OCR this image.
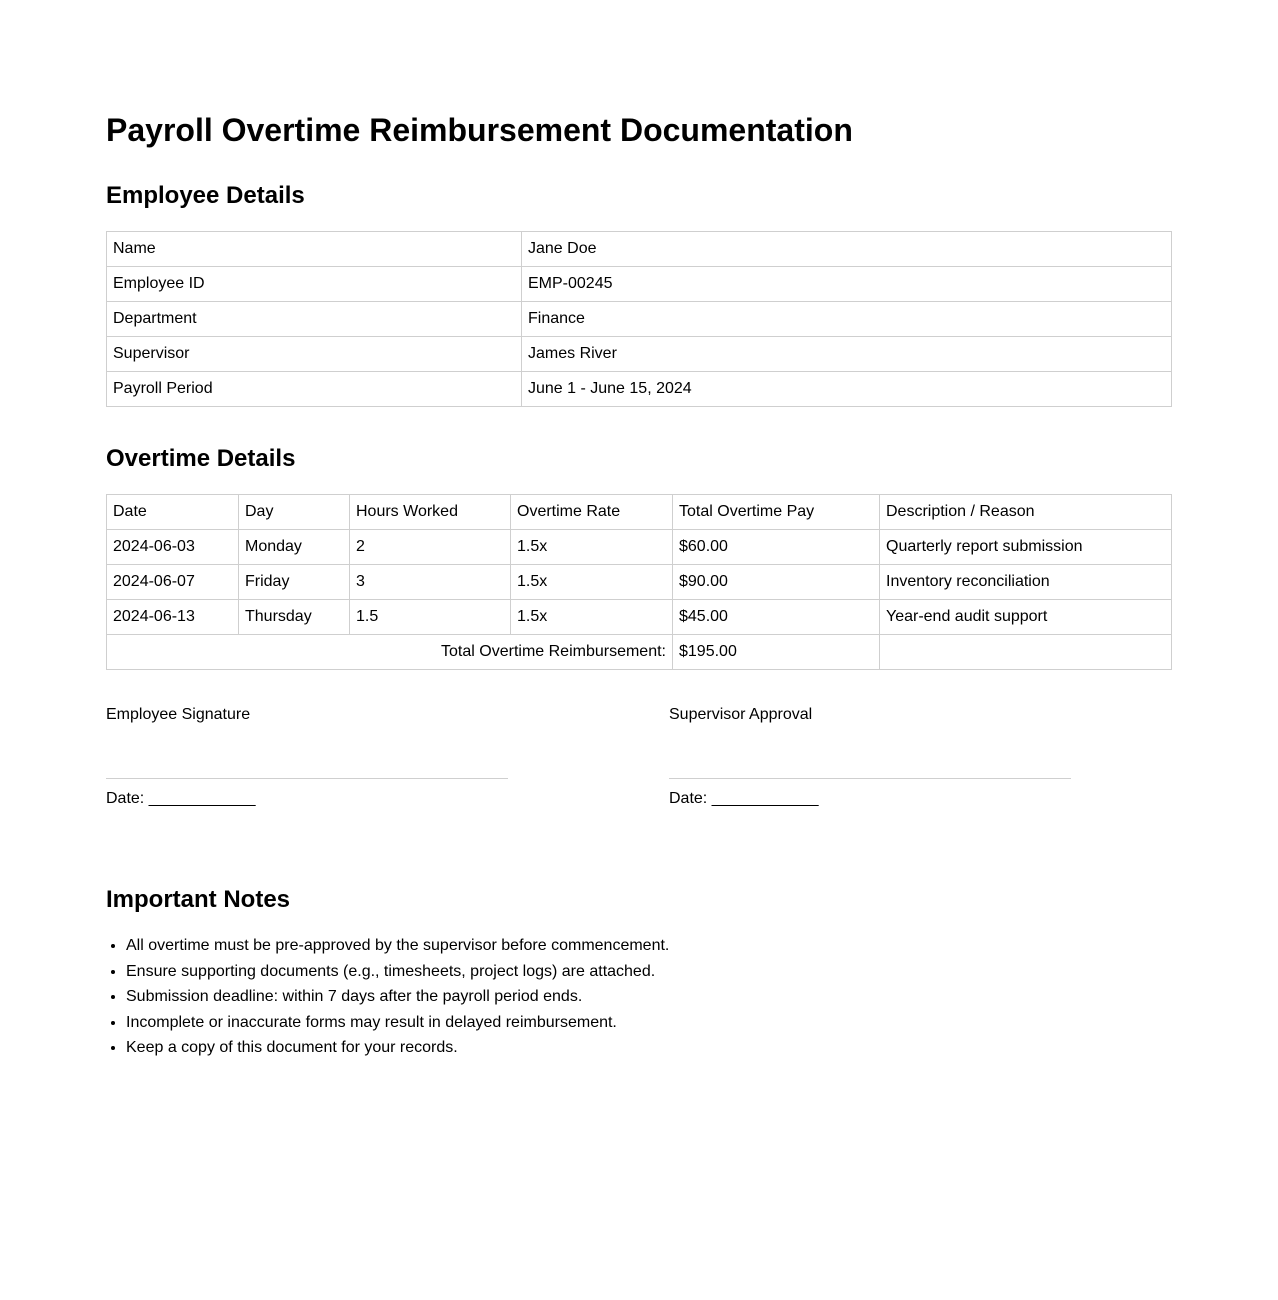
Payroll Overtime Reimbursement Documentation
Employee Details
Name	Jane Doe
Employee ID	EMP-00245
Department	Finance
Supervisor	James River
Payroll Period	June 1 - June 15, 2024
Overtime Details
Date	Day	Hours Worked	Overtime Rate	Total Overtime Pay	Description / Reason
2024-06-03	Monday	2	1.5x	$60.00	Quarterly report submission
2024-06-07	Friday	3	1.5x	$90.00	Inventory reconciliation
2024-06-13	Thursday	1.5	1.5x	$45.00	Year-end audit support
Total Overtime Reimbursement:				$195.00	
Employee Signature
Date: ____________
Supervisor Approval
Date: ____________
Important Notes
• All overtime must be pre-approved by the supervisor before commencement.
• Ensure supporting documents (e.g., timesheets, project logs) are attached.
• Submission deadline: within 7 days after the payroll period ends.
• Incomplete or inaccurate forms may result in delayed reimbursement.
• Keep a copy of this document for your records.
